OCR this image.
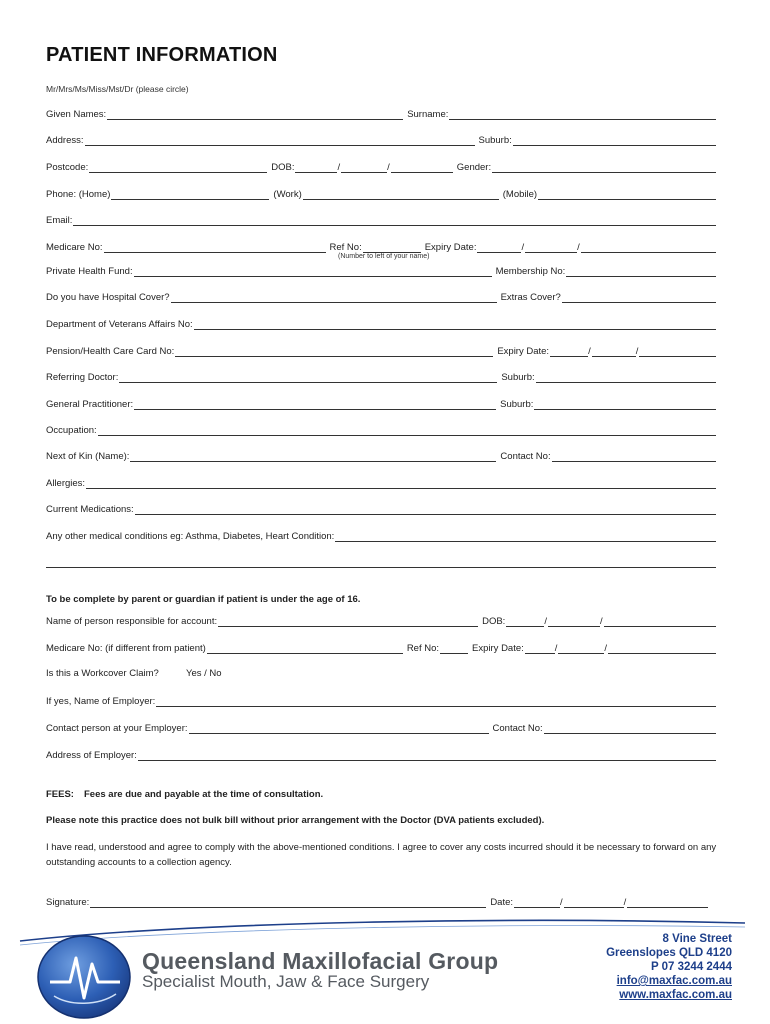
PATIENT INFORMATION
Mr/Mrs/Ms/Miss/Mst/Dr (please circle)
Given Names:	Surname:
Address:	Suburb:
Postcode:	DOB:	/	/	Gender:
Phone: (Home)	(Work)	(Mobile)
Email:
Medicare No:	Ref No:	Expiry Date:	/	/
(Number to left of your name)
Private Health Fund:	Membership No:
Do you have Hospital Cover?	Extras Cover?
Department of Veterans Affairs No:
Pension/Health Care Card No:	Expiry Date:	/	/
Referring Doctor:	Suburb:
General Practitioner:	Suburb:
Occupation:
Next of Kin (Name):	Contact No:
Allergies:
Current Medications:
Any other medical conditions eg: Asthma, Diabetes, Heart Condition:
To be complete by parent or guardian if patient is under the age of 16.
Name of person responsible for account:	DOB:	/	/
Medicare No: (if different from patient)	Ref No:	Expiry Date:	/	/
Is this a Workcover Claim?	Yes / No
If yes, Name of Employer:
Contact person at your Employer:	Contact No:
Address of Employer:
FEES: Fees are due and payable at the time of consultation.
Please note this practice does not bulk bill without prior arrangement with the Doctor (DVA patients excluded).
I have read, understood and agree to comply with the above-mentioned conditions. I agree to cover any costs incurred should it be necessary to forward on any outstanding accounts to a collection agency.
Signature:	Date:	/	/
Queensland Maxillofacial Group
Specialist Mouth, Jaw & Face Surgery
8 Vine Street
Greenslopes QLD 4120
P 07 3244 2444
info@maxfac.com.au
www.maxfac.com.au
